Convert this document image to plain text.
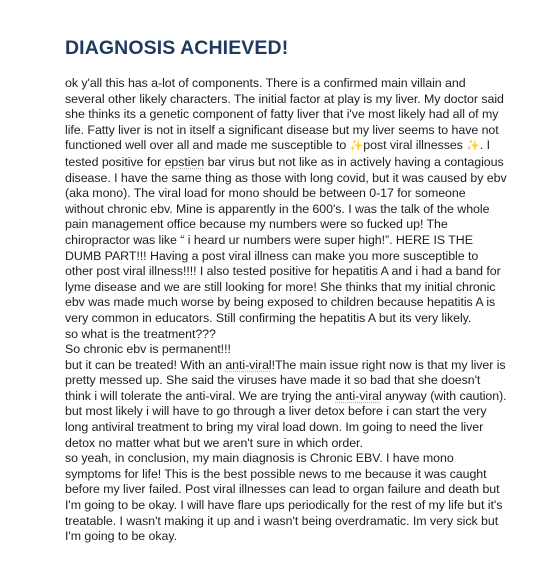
DIAGNOSIS ACHIEVED!
ok y'all this has a-lot of components. There is a confirmed main villain and
several other likely characters. The initial factor at play is my liver. My doctor said
she thinks its a genetic component of fatty liver that i've most likely had all of my
life. Fatty liver is not in itself a significant disease but my liver seems to have not
functioned well over all and made me susceptible to ✨post viral illnesses ✨. I
tested positive for epstien bar virus but not like as in actively having a contagious
disease. I have the same thing as those with long covid, but it was caused by ebv
(aka mono). The viral load for mono should be between 0-17 for someone
without chronic ebv. Mine is apparently in the 600's. I was the talk of the whole
pain management office because my numbers were so fucked up! The
chiropractor was like “ i heard ur numbers were super high!”. HERE IS THE
DUMB PART!!! Having a post viral illness can make you more susceptible to
other post viral illness!!!! I also tested positive for hepatitis A and i had a band for
lyme disease and we are still looking for more! She thinks that my initial chronic
ebv was made much worse by being exposed to children because hepatitis A is
very common in educators. Still confirming the hepatitis A but its very likely.
so what is the treatment???
So chronic ebv is permanent!!!
but it can be treated! With an anti-viral!The main issue right now is that my liver is
pretty messed up. She said the viruses have made it so bad that she doesn't
think i will tolerate the anti-viral. We are trying the anti-viral anyway (with caution).
but most likely i will have to go through a liver detox before i can start the very
long antiviral treatment to bring my viral load down. Im going to need the liver
detox no matter what but we aren't sure in which order.
so yeah, in conclusion, my main diagnosis is Chronic EBV. I have mono
symptoms for life! This is the best possible news to me because it was caught
before my liver failed. Post viral illnesses can lead to organ failure and death but
I'm going to be okay. I will have flare ups periodically for the rest of my life but it's
treatable. I wasn't making it up and i wasn't being overdramatic. Im very sick but
I'm going to be okay.
